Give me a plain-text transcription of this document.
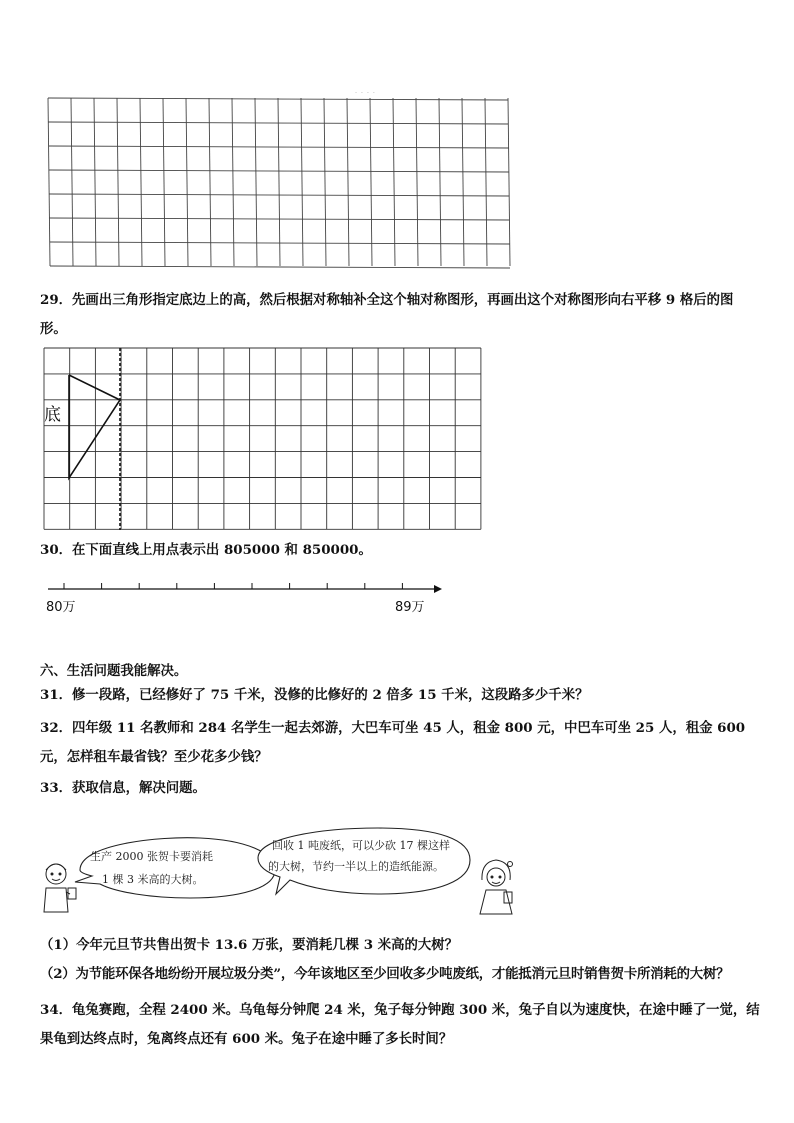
- - - -
29．先画出三角形指定底边上的高，然后根据对称轴补全这个轴对称图形，再画出这个对称图形向右平移 9 格后的图形。
底
30．在下面直线上用点表示出 805000 和 850000。
80万	89万
六、生活问题我能解决。
31．修一段路，已经修好了 75 千米，没修的比修好的 2 倍多 15 千米，这段路多少千米？
32．四年级 11 名教师和 284 名学生一起去郊游，大巴车可坐 45 人，租金 800 元，中巴车可坐 25 人，租金 600 元，怎样租车最省钱？至少花多少钱？
33．获取信息，解决问题。
生产 2000 张贺卡要消耗
1 棵 3 米高的大树。
回收 1 吨废纸，可以少砍 17 棵这样
的大树，节约一半以上的造纸能源。
（1）今年元旦节共售出贺卡 13.6 万张，要消耗几棵 3 米高的大树？
（2）为节能环保各地纷纷开展垃圾分类”，今年该地区至少回收多少吨废纸，才能抵消元旦时销售贺卡所消耗的大树？
34．龟兔赛跑，全程 2400 米。乌龟每分钟爬 24 米，兔子每分钟跑 300 米，兔子自以为速度快，在途中睡了一觉，结果龟到达终点时，兔离终点还有 600 米。兔子在途中睡了多长时间？
